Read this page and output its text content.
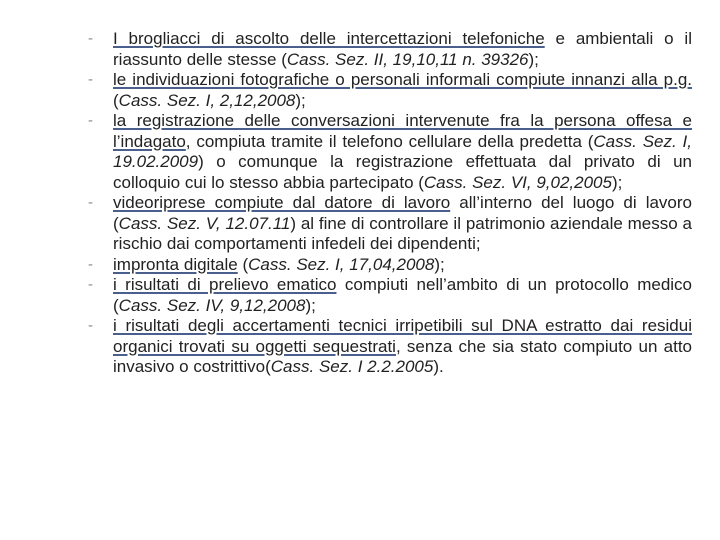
- I brogliacci di ascolto delle intercettazioni telefoniche e ambientali o il riassunto delle stesse (Cass. Sez. II, 19,10,11 n. 39326);
- le individuazioni fotografiche o personali informali compiute innanzi alla p.g. (Cass. Sez. I, 2,12,2008);
- la registrazione delle conversazioni intervenute fra la persona offesa e l’indagato, compiuta tramite il telefono cellulare della predetta (Cass. Sez. I, 19.02.2009) o comunque la registrazione effettuata dal privato di un colloquio cui lo stesso abbia partecipato (Cass. Sez. VI, 9,02,2005);
- videoriprese compiute dal datore di lavoro all’interno del luogo di lavoro (Cass. Sez. V, 12.07.11) al fine di controllare il patrimonio aziendale messo a rischio dai comportamenti infedeli dei dipendenti;
- impronta digitale (Cass. Sez. I, 17,04,2008);
- i risultati di prelievo ematico compiuti nell’ambito di un protocollo medico (Cass. Sez. IV, 9,12,2008);
- i risultati degli accertamenti tecnici irripetibili sul DNA estratto dai residui organici trovati su oggetti sequestrati, senza che sia stato compiuto un atto invasivo o costrittivo(Cass. Sez. I 2.2.2005).
